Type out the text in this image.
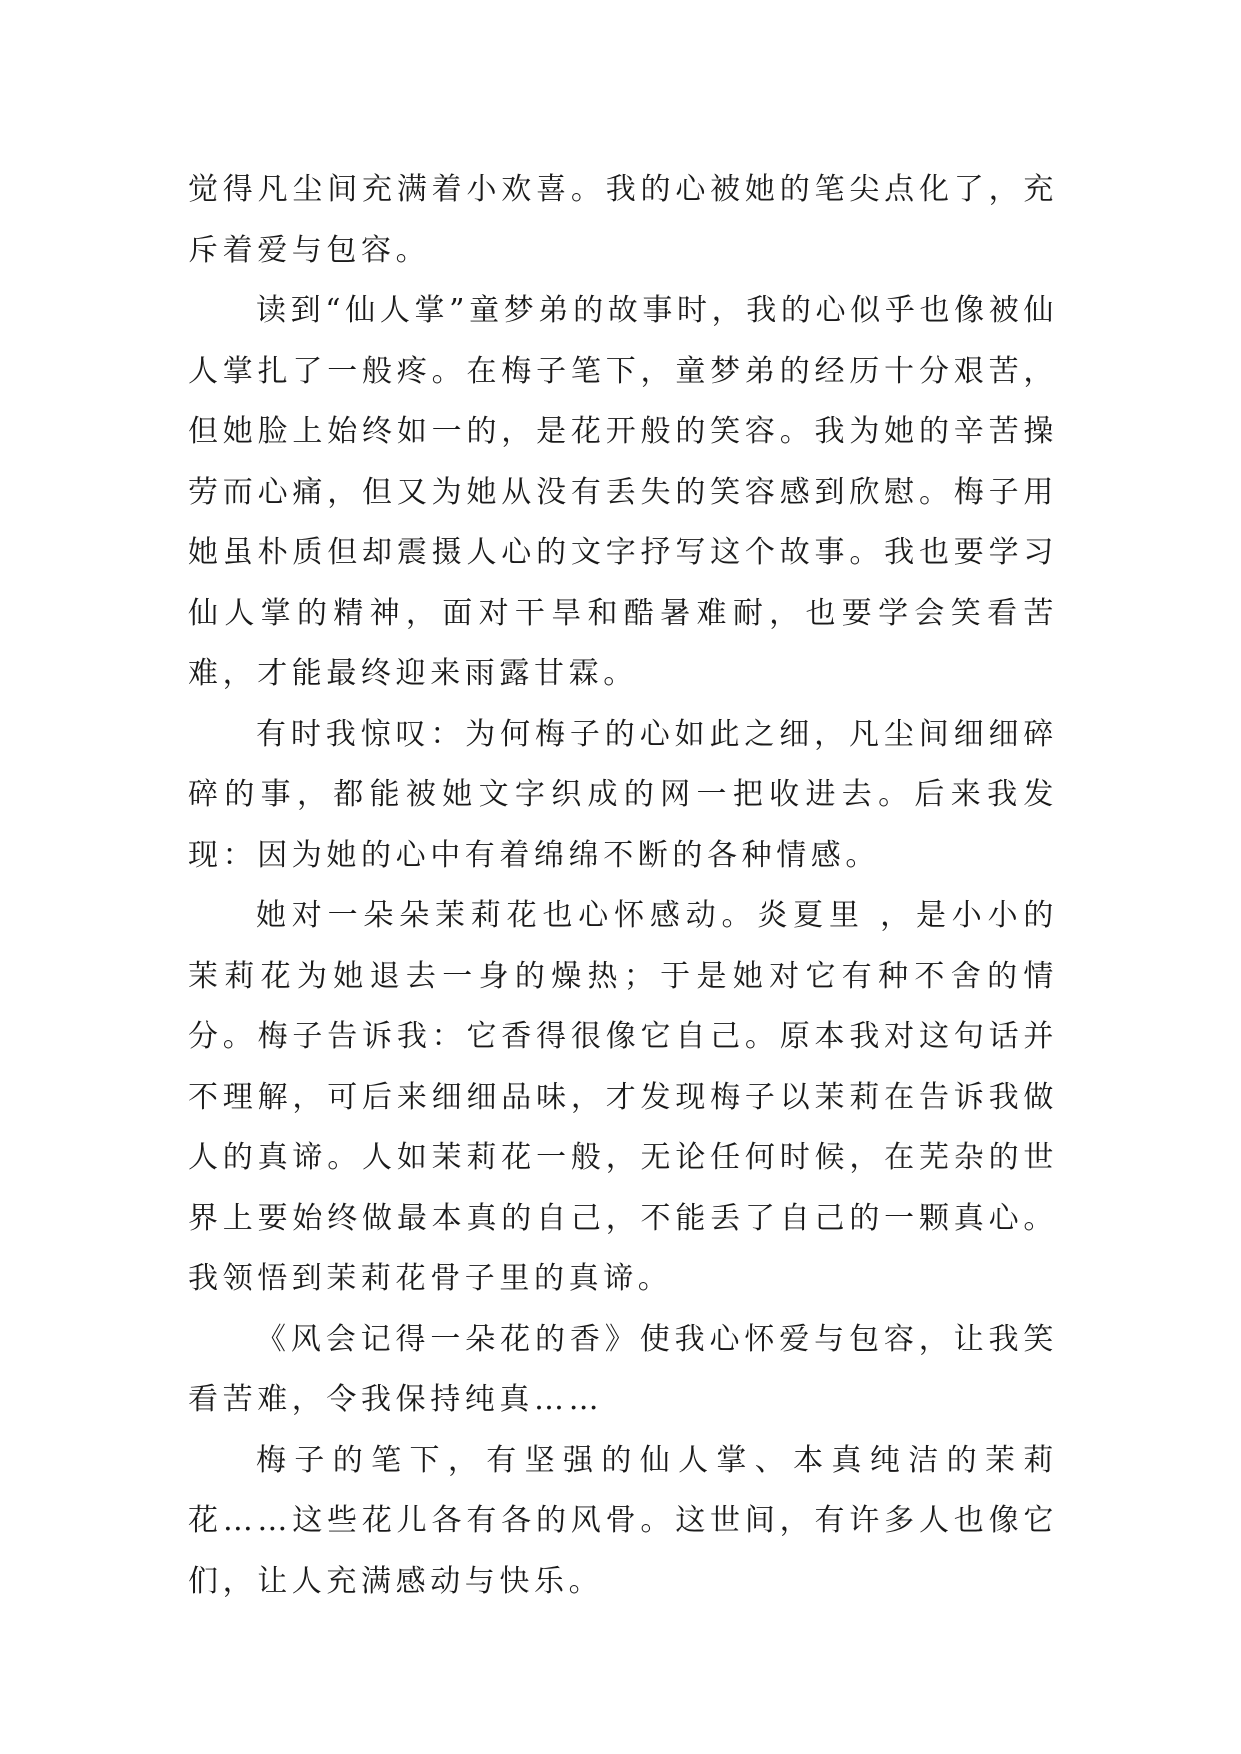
觉得凡尘间充满着小欢喜。我的心被她的笔尖点化了，充斥着爱与包容。

读到“仙人掌”童梦弟的故事时，我的心似乎也像被仙人掌扎了一般疼。在梅子笔下，童梦弟的经历十分艰苦，但她脸上始终如一的，是花开般的笑容。我为她的辛苦操劳而心痛，但又为她从没有丢失的笑容感到欣慰。梅子用她虽朴质但却震摄人心的文字抒写这个故事。我也要学习仙人掌的精神，面对干旱和酷暑难耐，也要学会笑看苦难，才能最终迎来雨露甘霖。

有时我惊叹：为何梅子的心如此之细，凡尘间细细碎碎的事，都能被她文字织成的网一把收进去。后来我发现：因为她的心中有着绵绵不断的各种情感。

她对一朵朵茉莉花也心怀感动。炎夏里 ，是小小的茉莉花为她退去一身的燥热；于是她对它有种不舍的情分。梅子告诉我：它香得很像它自己。原本我对这句话并不理解，可后来细细品味，才发现梅子以茉莉在告诉我做人的真谛。人如茉莉花一般，无论任何时候，在芜杂的世界上要始终做最本真的自己，不能丢了自己的一颗真心。我领悟到茉莉花骨子里的真谛。

《风会记得一朵花的香》使我心怀爱与包容，让我笑看苦难，令我保持纯真……

梅子的笔下，有坚强的仙人掌、本真纯洁的茉莉花……这些花儿各有各的风骨。这世间，有许多人也像它们，让人充满感动与快乐。
